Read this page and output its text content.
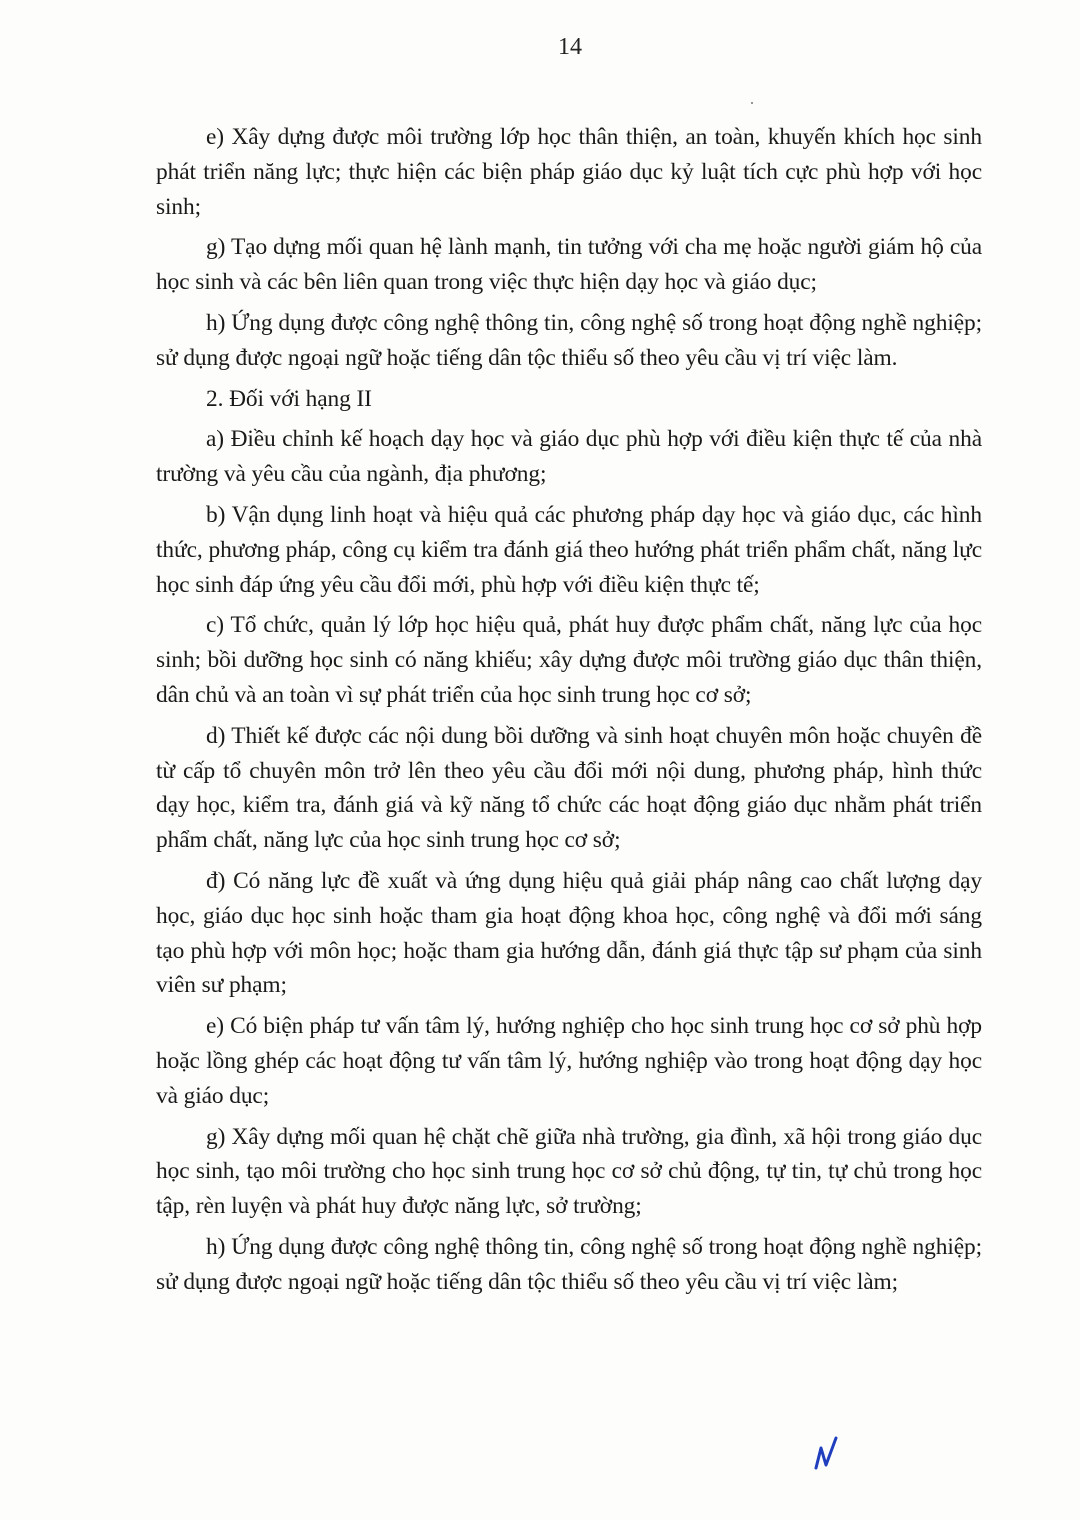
14

e) Xây dựng được môi trường lớp học thân thiện, an toàn, khuyến khích học sinh phát triển năng lực; thực hiện các biện pháp giáo dục kỷ luật tích cực phù hợp với học sinh;

g) Tạo dựng mối quan hệ lành mạnh, tin tưởng với cha mẹ hoặc người giám hộ của học sinh và các bên liên quan trong việc thực hiện dạy học và giáo dục;

h) Ứng dụng được công nghệ thông tin, công nghệ số trong hoạt động nghề nghiệp; sử dụng được ngoại ngữ hoặc tiếng dân tộc thiểu số theo yêu cầu vị trí việc làm.

2. Đối với hạng II

a) Điều chỉnh kế hoạch dạy học và giáo dục phù hợp với điều kiện thực tế của nhà trường và yêu cầu của ngành, địa phương;

b) Vận dụng linh hoạt và hiệu quả các phương pháp dạy học và giáo dục, các hình thức, phương pháp, công cụ kiểm tra đánh giá theo hướng phát triển phẩm chất, năng lực học sinh đáp ứng yêu cầu đổi mới, phù hợp với điều kiện thực tế;

c) Tổ chức, quản lý lớp học hiệu quả, phát huy được phẩm chất, năng lực của học sinh; bồi dưỡng học sinh có năng khiếu; xây dựng được môi trường giáo dục thân thiện, dân chủ và an toàn vì sự phát triển của học sinh trung học cơ sở;

d) Thiết kế được các nội dung bồi dưỡng và sinh hoạt chuyên môn hoặc chuyên đề từ cấp tổ chuyên môn trở lên theo yêu cầu đổi mới nội dung, phương pháp, hình thức dạy học, kiểm tra, đánh giá và kỹ năng tổ chức các hoạt động giáo dục nhằm phát triển phẩm chất, năng lực của học sinh trung học cơ sở;

đ) Có năng lực đề xuất và ứng dụng hiệu quả giải pháp nâng cao chất lượng dạy học, giáo dục học sinh hoặc tham gia hoạt động khoa học, công nghệ và đổi mới sáng tạo phù hợp với môn học; hoặc tham gia hướng dẫn, đánh giá thực tập sư phạm của sinh viên sư phạm;

e) Có biện pháp tư vấn tâm lý, hướng nghiệp cho học sinh trung học cơ sở phù hợp hoặc lồng ghép các hoạt động tư vấn tâm lý, hướng nghiệp vào trong hoạt động dạy học và giáo dục;

g) Xây dựng mối quan hệ chặt chẽ giữa nhà trường, gia đình, xã hội trong giáo dục học sinh, tạo môi trường cho học sinh trung học cơ sở chủ động, tự tin, tự chủ trong học tập, rèn luyện và phát huy được năng lực, sở trường;

h) Ứng dụng được công nghệ thông tin, công nghệ số trong hoạt động nghề nghiệp; sử dụng được ngoại ngữ hoặc tiếng dân tộc thiểu số theo yêu cầu vị trí việc làm;
